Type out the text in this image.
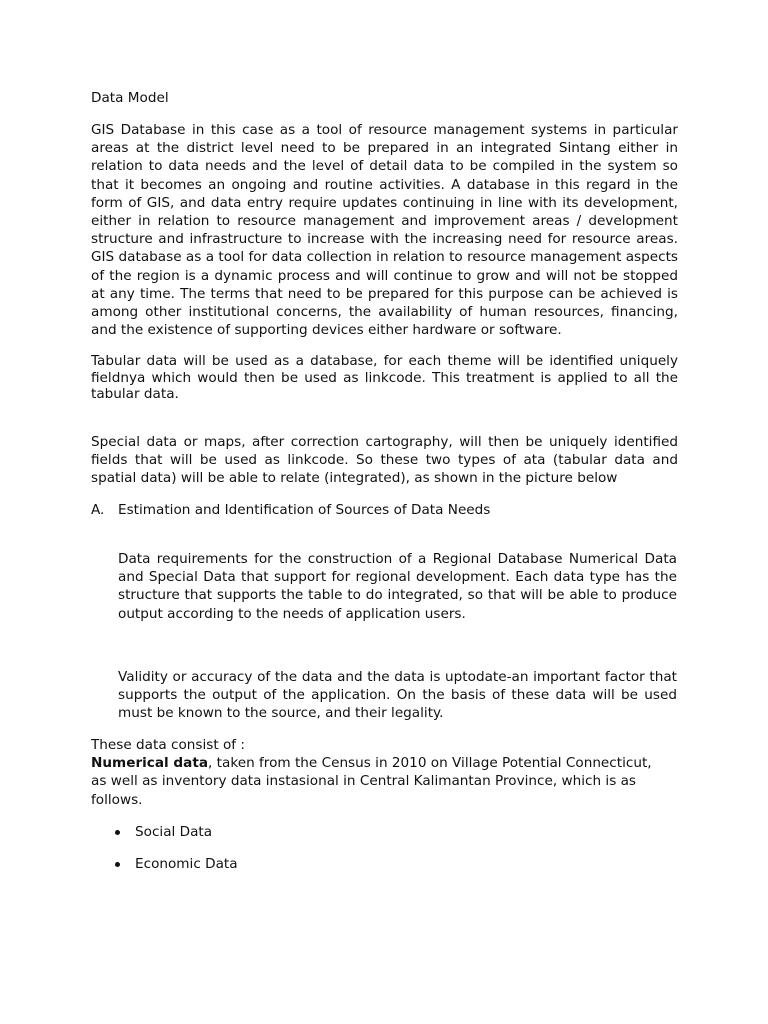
Data Model

GIS Database in this case as a tool of resource management systems in particular areas at the district level need to be prepared in an integrated Sintang either in relation to data needs and the level of detail data to be compiled in the system so that it becomes an ongoing and routine activities. A database in this regard in the form of GIS, and data entry require updates continuing in line with its development, either in relation to resource management and improvement areas / development structure and infrastructure to increase with the increasing need for resource areas. GIS database as a tool for data collection in relation to resource management aspects of the region is a dynamic process and will continue to grow and will not be stopped at any time. The terms that need to be prepared for this purpose can be achieved is among other institutional concerns, the availability of human resources, financing, and the existence of supporting devices either hardware or software.

Tabular data will be used as a database, for each theme will be identified uniquely fieldnya which would then be used as linkcode. This treatment is applied to all the tabular data.

Special data or maps, after correction cartography, will then be uniquely identified fields that will be used as linkcode. So these two types of ata (tabular data and spatial data) will be able to relate (integrated), as shown in the picture below

A. Estimation and Identification of Sources of Data Needs

Data requirements for the construction of a Regional Database Numerical Data and Special Data that support for regional development. Each data type has the structure that supports the table to do integrated, so that will be able to produce output according to the needs of application users.

Validity or accuracy of the data and the data is uptodate-an important factor that supports the output of the application. On the basis of these data will be used must be known to the source, and their legality.

These data consist of :

Numerical data, taken from the Census in 2010 on Village Potential Connecticut, as well as inventory data instasional in Central Kalimantan Province, which is as follows.

Social Data
Economic Data
